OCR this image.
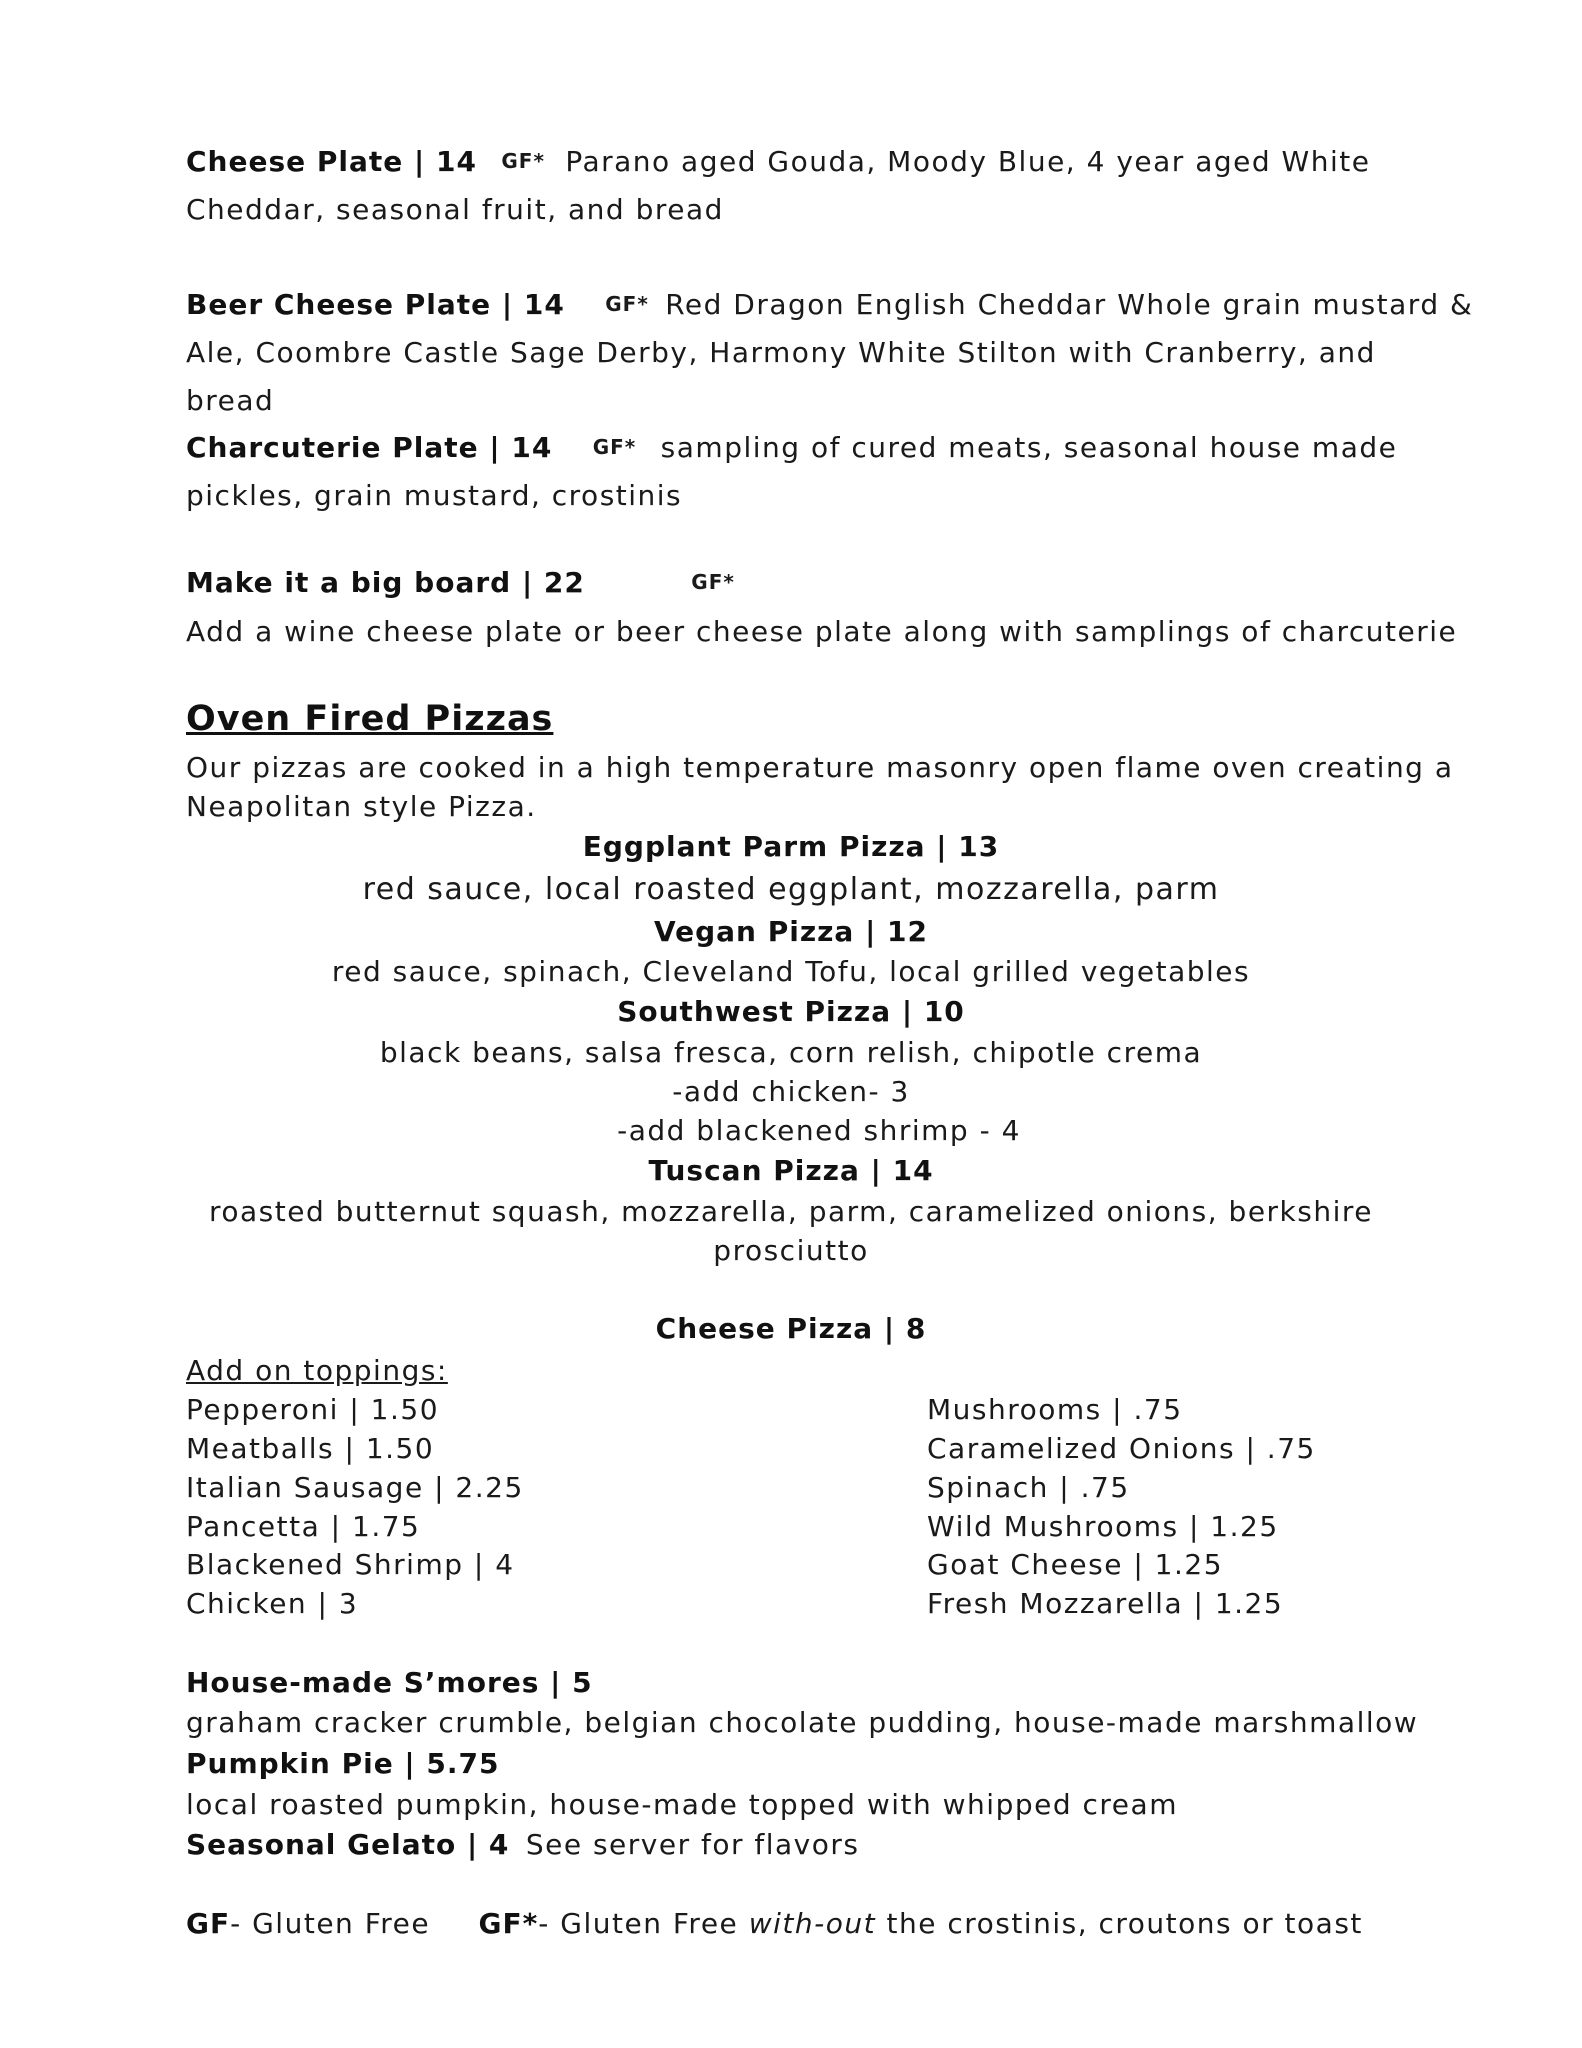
Cheese Plate | 14 GF* Parano aged Gouda, Moody Blue, 4 year aged White
Cheddar, seasonal fruit, and bread
Beer Cheese Plate | 14 GF* Red Dragon English Cheddar Whole grain mustard &
Ale, Coombre Castle Sage Derby, Harmony White Stilton with Cranberry, and
bread
Charcuterie Plate | 14 GF* sampling of cured meats, seasonal house made
pickles, grain mustard, crostinis
Make it a big board | 22	GF*
Add a wine cheese plate or beer cheese plate along with samplings of charcuterie
Oven Fired Pizzas
Our pizzas are cooked in a high temperature masonry open flame oven creating a
Neapolitan style Pizza.
Eggplant Parm Pizza | 13
red sauce, local roasted eggplant, mozzarella, parm
Vegan Pizza | 12
red sauce, spinach, Cleveland Tofu, local grilled vegetables
Southwest Pizza | 10
black beans, salsa fresca, corn relish, chipotle crema
-add chicken- 3
-add blackened shrimp - 4
Tuscan Pizza | 14
roasted butternut squash, mozzarella, parm, caramelized onions, berkshire
prosciutto
Cheese Pizza | 8
Add on toppings:
Pepperoni | 1.50
Meatballs | 1.50
Italian Sausage | 2.25
Pancetta | 1.75
Blackened Shrimp | 4
Chicken | 3
Mushrooms | .75
Caramelized Onions | .75
Spinach | .75
Wild Mushrooms | 1.25
Goat Cheese | 1.25
Fresh Mozzarella | 1.25
House-made S’mores | 5
graham cracker crumble, belgian chocolate pudding, house-made marshmallow
Pumpkin Pie | 5.75
local roasted pumpkin, house-made topped with whipped cream
Seasonal Gelato | 4 See server for flavors
GF- Gluten Free GF*- Gluten Free with-out the crostinis, croutons or toast
